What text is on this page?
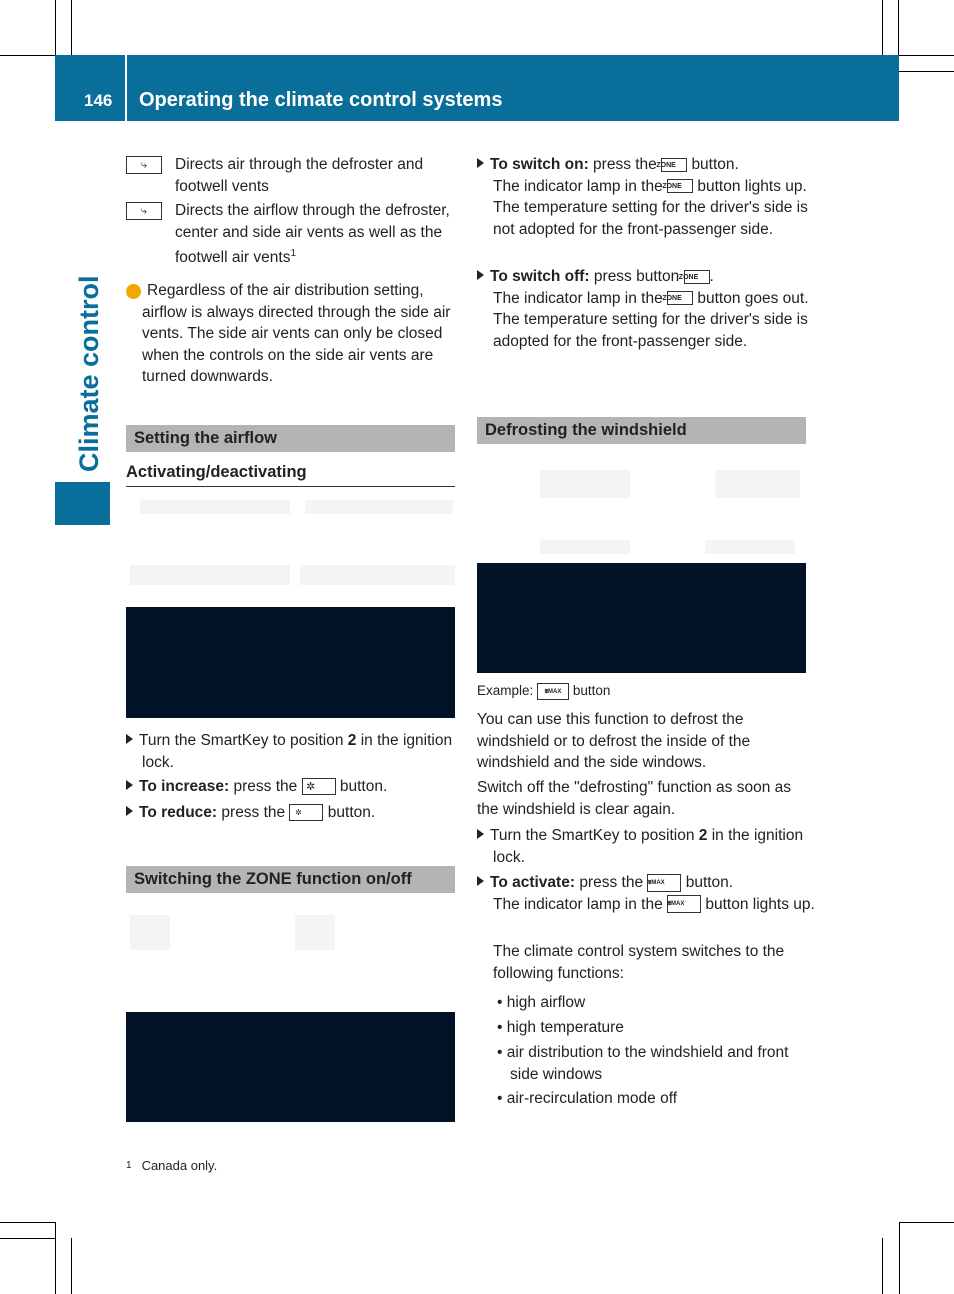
146	Operating the climate control systems
Climate control
⤷	Directs air through the defroster and footwell vents
⤷	Directs the airflow through the defroster, center and side air vents as well as the footwell air vents$^1$
i Regardless of the air distribution setting, airflow is always directed through the side air vents. The side air vents can only be closed when the controls on the side air vents are turned downwards.
Setting the airflow
Activating/deactivating
Turn the SmartKey to position 2 in the ignition lock.
To increase: press the ✲ button.
To reduce: press the ✲ button.
Switching the ZONE function on/off
To switch on: press the ZONE button.
The indicator lamp in the ZONE button lights up. The temperature setting for the driver's side is not adopted for the front-passenger side.
To switch off: press button ZONE .
The indicator lamp in the ZONE button goes out. The temperature setting for the driver's side is adopted for the front-passenger side.
Defrosting the windshield
Example: ⩩MAX button
You can use this function to defrost the windshield or to defrost the inside of the windshield and the side windows.
Switch off the "defrosting" function as soon as the windshield is clear again.
Turn the SmartKey to position 2 in the ignition lock.
To activate: press the ⩩MAX button.
The indicator lamp in the ⩩MAX button lights up.
The climate control system switches to the following functions:
• high airflow
• high temperature
• air distribution to the windshield and front side windows
• air-recirculation mode off
1 Canada only.
